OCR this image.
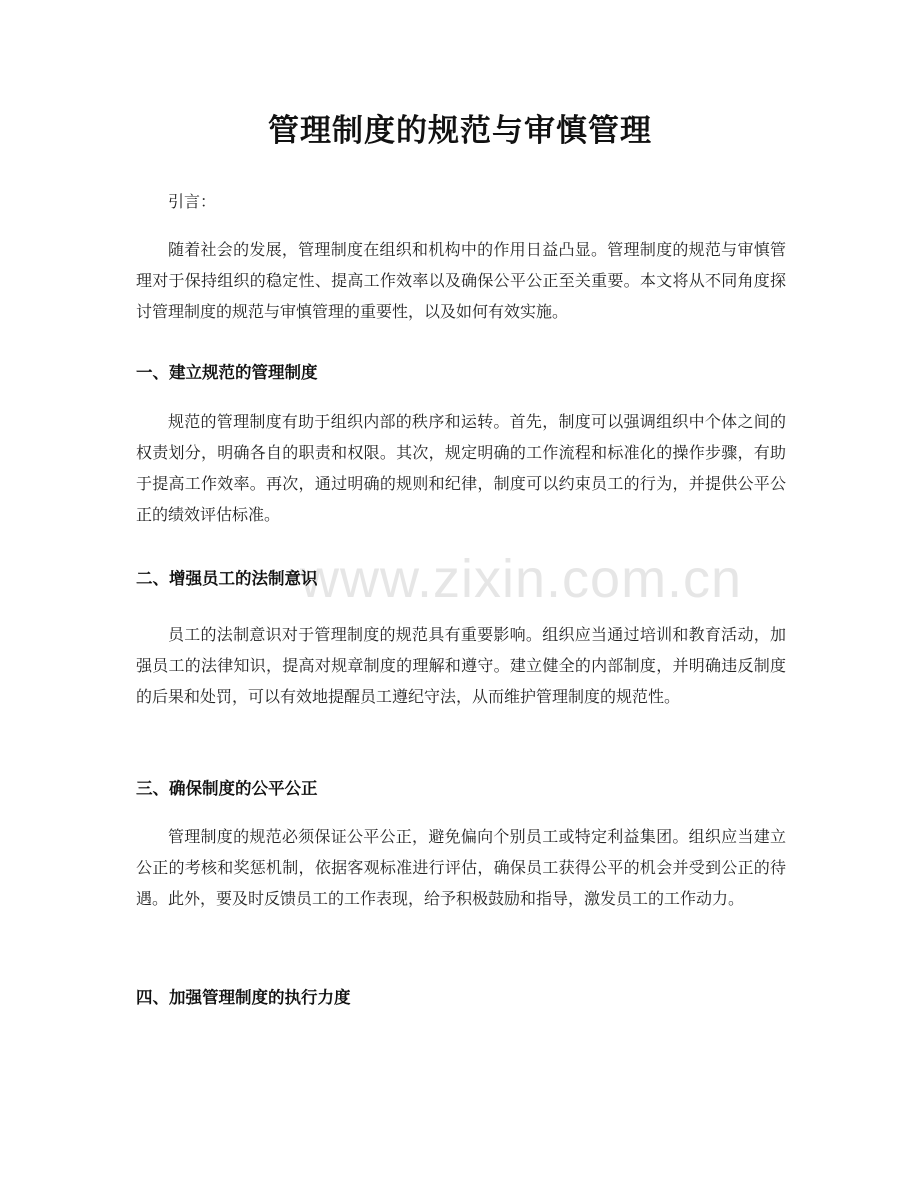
www.zixin.com.cn
管理制度的规范与审慎管理
引言：

随着社会的发展，管理制度在组织和机构中的作用日益凸显。管理制度的规范与审慎管理对于保持组织的稳定性、提高工作效率以及确保公平公正至关重要。本文将从不同角度探讨管理制度的规范与审慎管理的重要性，以及如何有效实施。

一、建立规范的管理制度

规范的管理制度有助于组织内部的秩序和运转。首先，制度可以强调组织中个体之间的权责划分，明确各自的职责和权限。其次，规定明确的工作流程和标准化的操作步骤，有助于提高工作效率。再次，通过明确的规则和纪律，制度可以约束员工的行为，并提供公平公正的绩效评估标准。

二、增强员工的法制意识

员工的法制意识对于管理制度的规范具有重要影响。组织应当通过培训和教育活动，加强员工的法律知识，提高对规章制度的理解和遵守。建立健全的内部制度，并明确违反制度的后果和处罚，可以有效地提醒员工遵纪守法，从而维护管理制度的规范性。

三、确保制度的公平公正

管理制度的规范必须保证公平公正，避免偏向个别员工或特定利益集团。组织应当建立公正的考核和奖惩机制，依据客观标准进行评估，确保员工获得公平的机会并受到公正的待遇。此外，要及时反馈员工的工作表现，给予积极鼓励和指导，激发员工的工作动力。

四、加强管理制度的执行力度
